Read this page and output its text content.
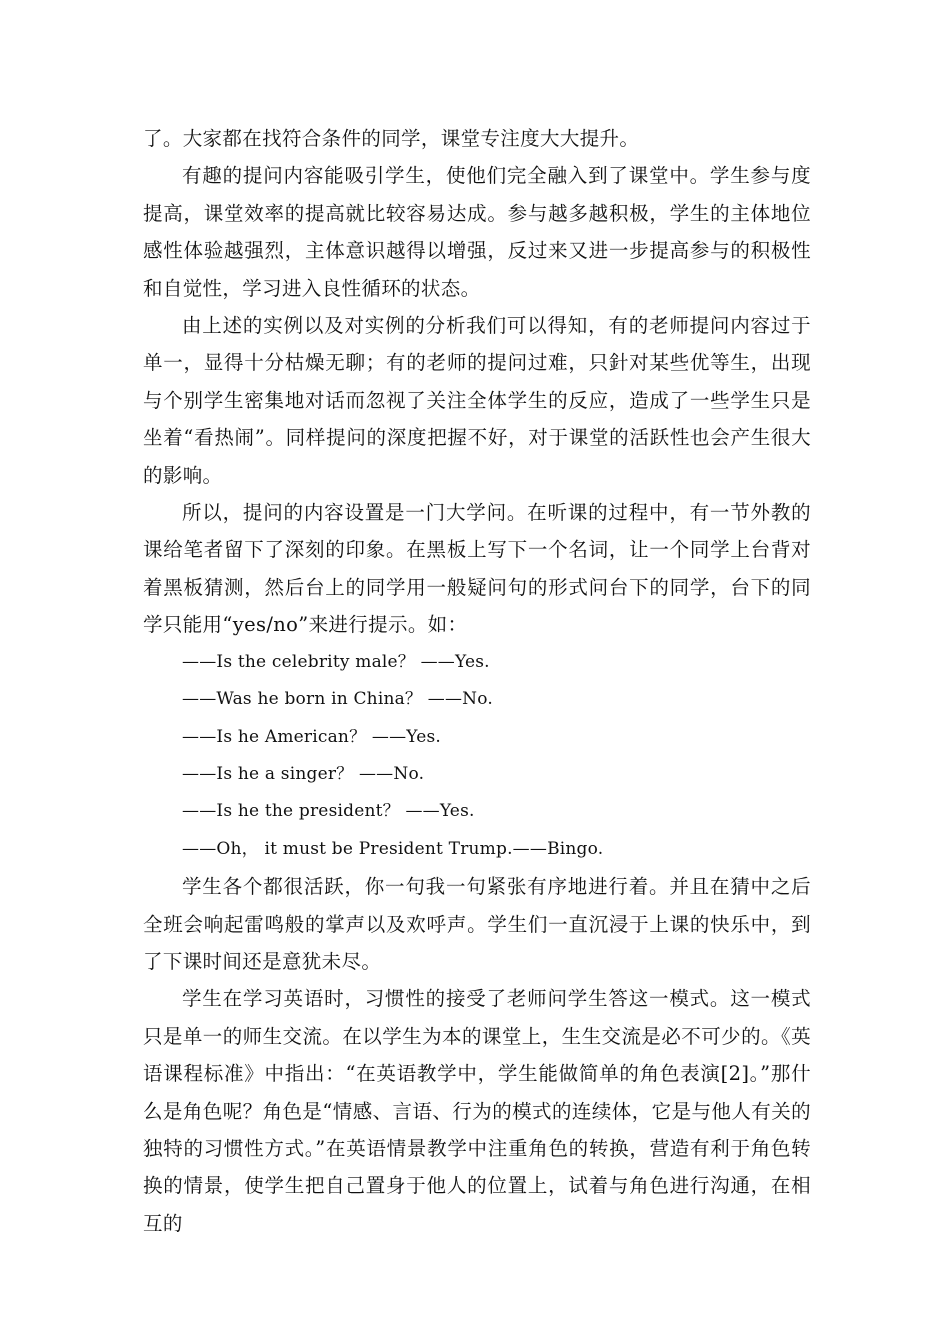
了。大家都在找符合条件的同学，课堂专注度大大提升。

有趣的提问内容能吸引学生，使他们完全融入到了课堂中。学生参与度提高，课堂效率的提高就比较容易达成。参与越多越积极，学生的主体地位感性体验越强烈，主体意识越得以增强，反过来又进一步提高参与的积极性和自觉性，学习进入良性循环的状态。

由上述的实例以及对实例的分析我们可以得知，有的老师提问内容过于单一，显得十分枯燥无聊；有的老师的提问过难，只針对某些优等生，出现与个别学生密集地对话而忽视了关注全体学生的反应，造成了一些学生只是坐着“看热闹”。同样提问的深度把握不好，对于课堂的活跃性也会产生很大的影响。

所以，提问的内容设置是一门大学问。在听课的过程中，有一节外教的课给笔者留下了深刻的印象。在黑板上写下一个名词，让一个同学上台背对着黑板猜测，然后台上的同学用一般疑问句的形式问台下的同学，台下的同学只能用“yes/no”来进行提示。如：

——Is the celebrity male？ ——Yes.

——Was he born in China？ ——No.

——Is he American？ ——Yes.

——Is he a singer？ ——No.

——Is he the president？ ——Yes.

——Oh， it must be President Trump.——Bingo.

学生各个都很活跃，你一句我一句紧张有序地进行着。并且在猜中之后全班会响起雷鸣般的掌声以及欢呼声。学生们一直沉浸于上课的快乐中，到了下课时间还是意犹未尽。

学生在学习英语时，习惯性的接受了老师问学生答这一模式。这一模式只是单一的师生交流。在以学生为本的课堂上，生生交流是必不可少的。《英语课程标准》中指出：“在英语教学中，学生能做简单的角色表演[2]。”那什么是角色呢？角色是“情感、言语、行为的模式的连续体，它是与他人有关的独特的习惯性方式。”在英语情景教学中注重角色的转换，营造有利于角色转换的情景，使学生把自己置身于他人的位置上，试着与角色进行沟通，在相互的
